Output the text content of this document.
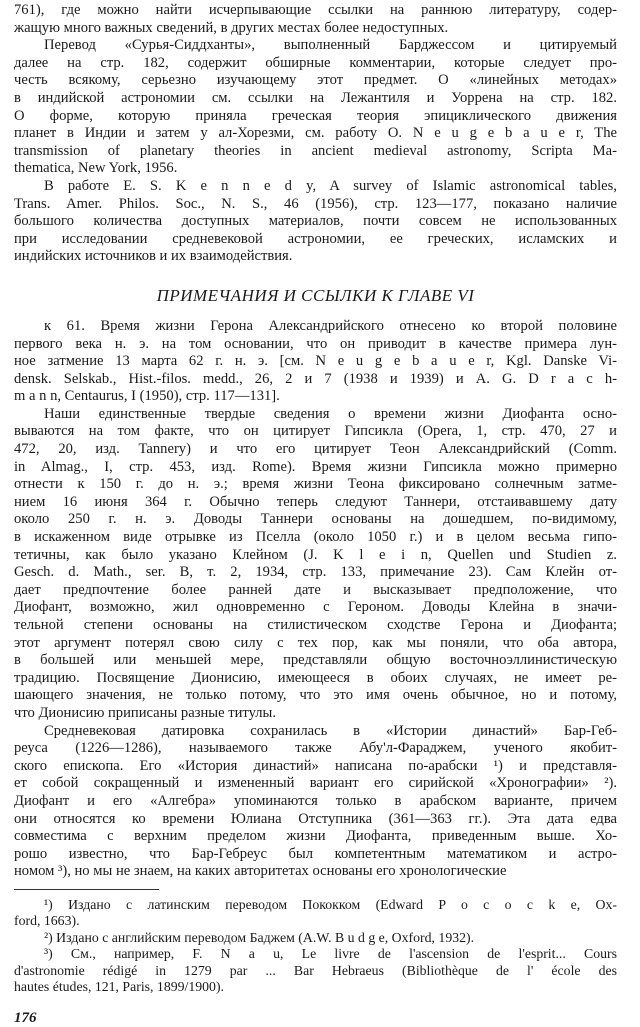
761), где можно найти исчерпывающие ссылки на раннюю литературу, содер-
жащую много важных сведений, в других местах более недоступных.
Перевод «Сурья-Сиддханты», выполненный Барджессом и цитируемый
далее на стр. 182, содержит обширные комментарии, которые следует про-
честь всякому, серьезно изучающему этот предмет. О «линейных методах»
в индийской астрономии см. ссылки на Лежантиля и Уоррена на стр. 182.
О форме, которую приняла греческая теория эпициклического движения
планет в Индии и затем у ал-Хорезми, см. работу O. N e u g e b a u e r, The
transmission of planetary theories in ancient medieval astronomy, Scripta Ma-
thematica, New York, 1956.
В работе E. S. K e n n e d y, A survey of Islamic astronomical tables,
Trans. Amer. Philos. Soc., N. S., 46 (1956), стр. 123—177, показано наличие
большого количества доступных материалов, почти совсем не использованных
при исследовании средневековой астрономии, ее греческих, исламских и
индийских источников и их взаимодействия.
ПРИМЕЧАНИЯ И ССЫЛКИ К ГЛАВЕ VI
к 61. Время жизни Герона Александрийского отнесено ко второй половине
первого века н. э. на том основании, что он приводит в качестве примера лун-
ное затмение 13 марта 62 г. н. э. [см. N e u g e b a u e r, Kgl. Danske Vi-
densk. Selskab., Hist.-filos. medd., 26, 2 и 7 (1938 и 1939) и A. G. D r a c h-
m a n n, Centaurus, I (1950), стр. 117—131].
Наши единственные твердые сведения о времени жизни Диофанта осно-
вываются на том факте, что он цитирует Гипсикла (Opera, 1, стр. 470, 27 и
472, 20, изд. Tannery) и что его цитирует Теон Александрийский (Comm.
in Almag., I, стр. 453, изд. Rome). Время жизни Гипсикла можно примерно
отнести к 150 г. до н. э.; время жизни Теона фиксировано солнечным затме-
нием 16 июня 364 г. Обычно теперь следуют Таннери, отстаивавшему дату
около 250 г. н. э. Доводы Таннери основаны на дошедшем, по-видимому,
в искаженном виде отрывке из Пселла (около 1050 г.) и в целом весьма гипо-
тетичны, как было указано Клейном (J. K l e i n, Quellen und Studien z.
Gesch. d. Math., ser. B, т. 2, 1934, стр. 133, примечание 23). Сам Клейн от-
дает предпочтение более ранней дате и высказывает предположение, что
Диофант, возможно, жил одновременно с Героном. Доводы Клейна в значи-
тельной степени основаны на стилистическом сходстве Герона и Диофанта;
этот аргумент потерял свою силу с тех пор, как мы поняли, что оба автора,
в большей или меньшей мере, представляли общую восточноэллинистическую
традицию. Посвящение Дионисию, имеющееся в обоих случаях, не имеет ре-
шающего значения, не только потому, что это имя очень обычное, но и потому,
что Дионисию приписаны разные титулы.
Средневековая датировка сохранилась в «Истории династий» Бар-Геб-
реуса (1226—1286), называемого также Абу'л-Фараджем, ученого якобит-
ского епископа. Его «История династий» написана по-арабски ¹) и представля-
ет собой сокращенный и измененный вариант его сирийской «Хронографии» ²).
Диофант и его «Алгебра» упоминаются только в арабском варианте, причем
они относятся ко времени Юлиана Отступника (361—363 гг.). Эта дата едва
совместима с верхним пределом жизни Диофанта, приведенным выше. Хо-
рошо известно, что Бар-Гебреус был компетентным математиком и астро-
номом ³), но мы не знаем, на каких авторитетах основаны его хронологические
¹) Издано с латинским переводом Пококком (Edward P o c o c k e, Ox-
ford, 1663).
²) Издано с английским переводом Баджем (A.W. B u d g e, Oxford, 1932).
³) См., например, F. N a u, Le livre de l'ascension de l'esprit... Cours
d'astronomie rédigé in 1279 par ... Bar Hebraeus (Bibliothèque de l' école des
hautes études, 121, Paris, 1899/1900).
176
